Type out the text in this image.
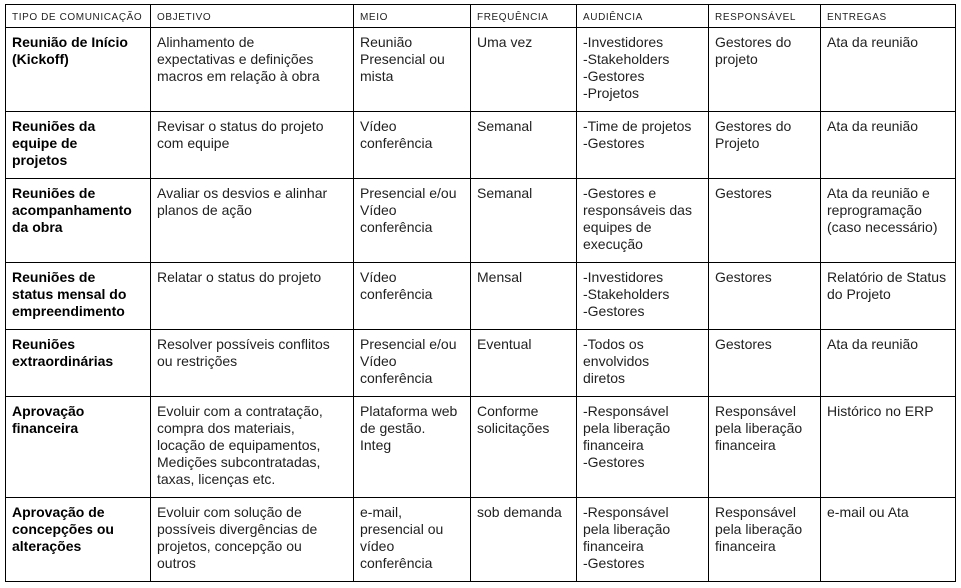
TIPO DE COMUNICAÇÃO	OBJETIVO	MEIO	FREQUÊNCIA	AUDIÊNCIA	RESPONSÁVEL	ENTREGAS
Reunião de Início
(Kickoff)	Alinhamento de
expectativas e definições
macros em relação à obra	Reunião
Presencial ou
mista	Uma vez	-Investidores
-Stakeholders
-Gestores
-Projetos	Gestores do
projeto	Ata da reunião
Reuniões da
equipe de
projetos	Revisar o status do projeto
com equipe	Vídeo
conferência	Semanal	-Time de projetos
-Gestores	Gestores do
Projeto	Ata da reunião
Reuniões de
acompanhamento
da obra	Avaliar os desvios e alinhar
planos de ação	Presencial e/ou
Vídeo
conferência	Semanal	-Gestores e
responsáveis das
equipes de
execução	Gestores	Ata da reunião e
reprogramação
(caso necessário)
Reuniões de
status mensal do
empreendimento	Relatar o status do projeto	Vídeo
conferência	Mensal	-Investidores
-Stakeholders
-Gestores	Gestores	Relatório de Status
do Projeto
Reuniões
extraordinárias	Resolver possíveis conflitos
ou restrições	Presencial e/ou
Vídeo
conferência	Eventual	-Todos os
envolvidos
diretos	Gestores	Ata da reunião
Aprovação
financeira	Evoluir com a contratação,
compra dos materiais,
locação de equipamentos,
Medições subcontratadas,
taxas, licenças etc.	Plataforma web
de gestão.
Integ	Conforme
solicitações	-Responsável
pela liberação
financeira
-Gestores	Responsável
pela liberação
financeira	Histórico no ERP
Aprovação de
concepções ou
alterações	Evoluir com solução de
possíveis divergências de
projetos, concepção ou
outros	e-mail,
presencial ou
vídeo
conferência	sob demanda	-Responsável
pela liberação
financeira
-Gestores	Responsável
pela liberação
financeira	e-mail ou Ata
